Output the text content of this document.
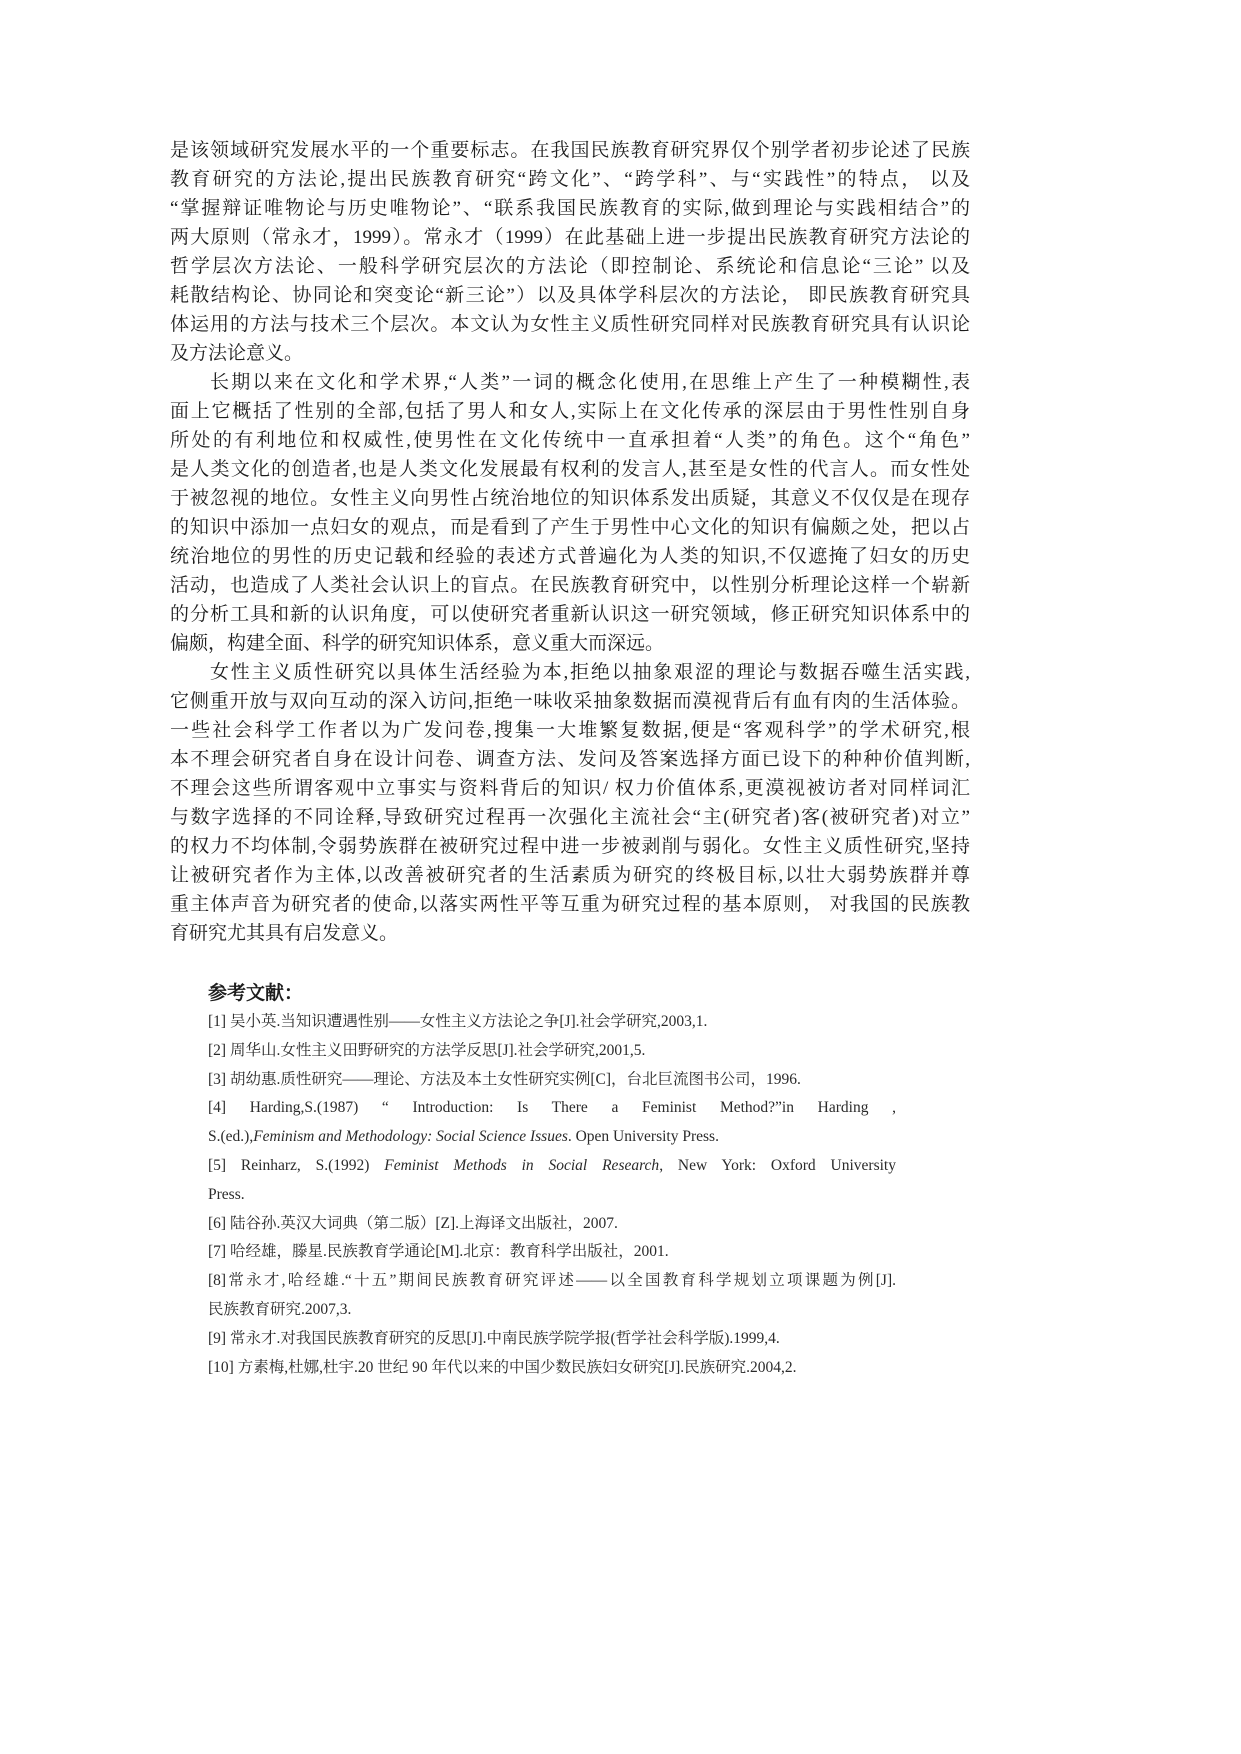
是该领域研究发展水平的一个重要标志。在我国民族教育研究界仅个别学者初步论述了民族
教育研究的方法论,提出民族教育研究“跨文化”、“跨学科”、与“实践性”的特点， 以及
“掌握辩证唯物论与历史唯物论”、“联系我国民族教育的实际,做到理论与实践相结合”的
两大原则（常永才，1999）。常永才（1999）在此基础上进一步提出民族教育研究方法论的
哲学层次方法论、一般科学研究层次的方法论（即控制论、系统论和信息论“三论” 以及
耗散结构论、协同论和突变论“新三论”）以及具体学科层次的方法论， 即民族教育研究具
体运用的方法与技术三个层次。本文认为女性主义质性研究同样对民族教育研究具有认识论
及方法论意义。
长期以来在文化和学术界,“人类”一词的概念化使用,在思维上产生了一种模糊性,表
面上它概括了性别的全部,包括了男人和女人,实际上在文化传承的深层由于男性性别自身
所处的有利地位和权威性,使男性在文化传统中一直承担着“人类”的角色。这个“角色”
是人类文化的创造者,也是人类文化发展最有权利的发言人,甚至是女性的代言人。而女性处
于被忽视的地位。女性主义向男性占统治地位的知识体系发出质疑，其意义不仅仅是在现存
的知识中添加一点妇女的观点，而是看到了产生于男性中心文化的知识有偏颇之处，把以占
统治地位的男性的历史记载和经验的表述方式普遍化为人类的知识,不仅遮掩了妇女的历史
活动，也造成了人类社会认识上的盲点。在民族教育研究中，以性别分析理论这样一个崭新
的分析工具和新的认识角度，可以使研究者重新认识这一研究领域，修正研究知识体系中的
偏颇，构建全面、科学的研究知识体系，意义重大而深远。
女性主义质性研究以具体生活经验为本,拒绝以抽象艰涩的理论与数据吞噬生活实践,
它侧重开放与双向互动的深入访问,拒绝一味收采抽象数据而漠视背后有血有肉的生活体验。
一些社会科学工作者以为广发问卷,搜集一大堆繁复数据,便是“客观科学”的学术研究,根
本不理会研究者自身在设计问卷、调查方法、发问及答案选择方面已设下的种种价值判断,
不理会这些所谓客观中立事实与资料背后的知识/ 权力价值体系,更漠视被访者对同样词汇
与数字选择的不同诠释,导致研究过程再一次强化主流社会“主(研究者)客(被研究者)对立”
的权力不均体制,令弱势族群在被研究过程中进一步被剥削与弱化。女性主义质性研究,坚持
让被研究者作为主体,以改善被研究者的生活素质为研究的终极目标,以壮大弱势族群并尊
重主体声音为研究者的使命,以落实两性平等互重为研究过程的基本原则， 对我国的民族教
育研究尤其具有启发意义。
参考文献：
[1] 吴小英.当知识遭遇性别——女性主义方法论之争[J].社会学研究,2003,1.
[2] 周华山.女性主义田野研究的方法学反思[J].社会学研究,2001,5.
[3] 胡幼惠.质性研究——理论、方法及本土女性研究实例[C]，台北巨流图书公司，1996.
[4] Harding,S.(1987) “ Introduction: Is There a Feminist Method?”in Harding ,
S.(ed.),Feminism and Methodology: Social Science Issues. Open University Press.
[5] Reinharz, S.(1992) Feminist Methods in Social Research, New York: Oxford University
Press.
[6] 陆谷孙.英汉大词典（第二版）[Z].上海译文出版社，2007.
[7] 哈经雄，滕星.民族教育学通论[M].北京：教育科学出版社，2001.
[8]常永才,哈经雄.“十五”期间民族教育研究评述——以全国教育科学规划立项课题为例[J].
民族教育研究.2007,3.
[9] 常永才.对我国民族教育研究的反思[J].中南民族学院学报(哲学社会科学版).1999,4.
[10] 方素梅,杜娜,杜宇.20 世纪 90 年代以来的中国少数民族妇女研究[J].民族研究.2004,2.
